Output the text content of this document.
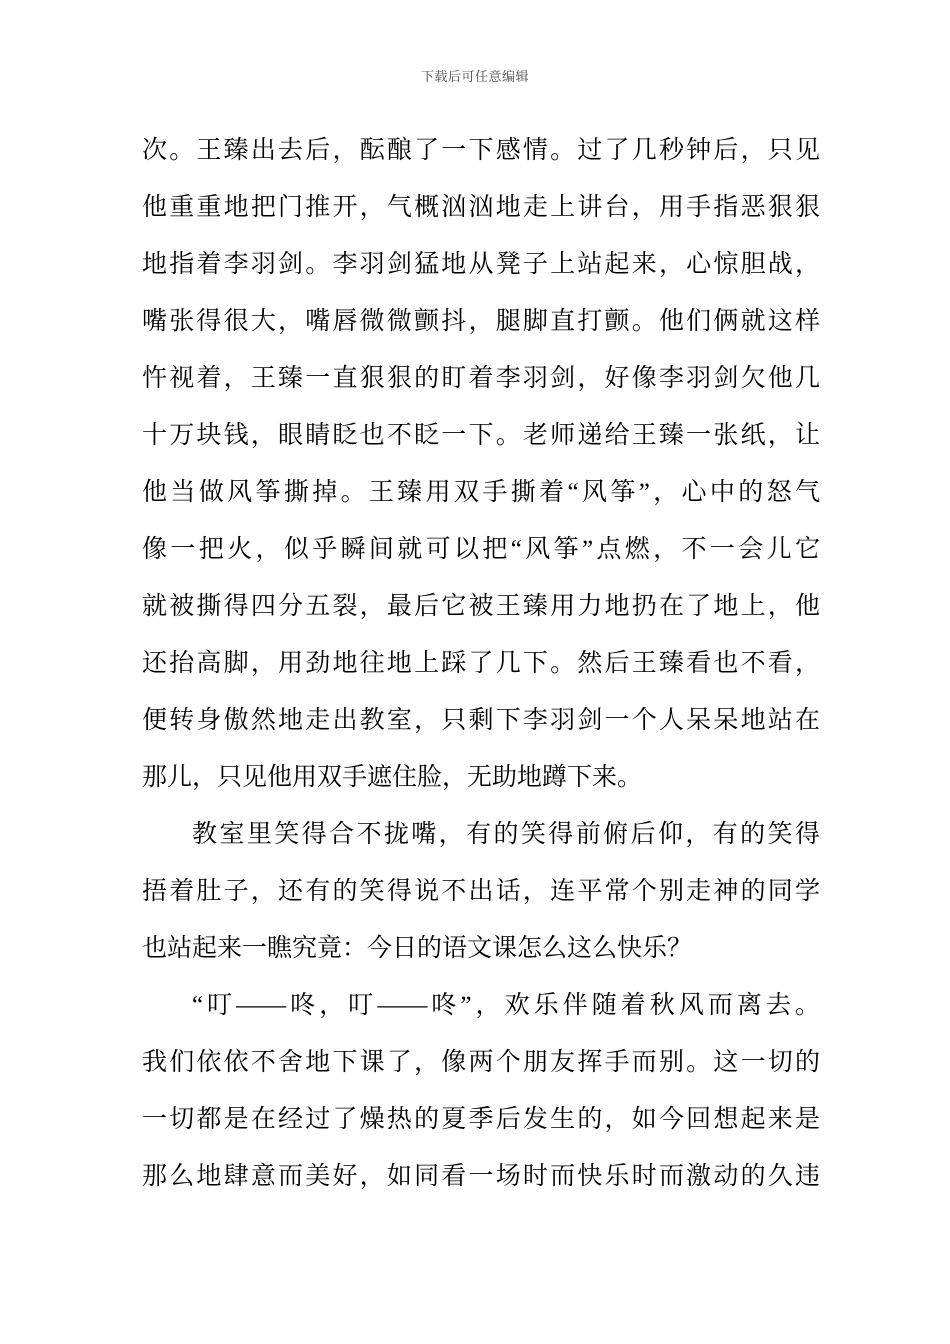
下载后可任意编辑
次。王臻出去后，酝酿了一下感情。过了几秒钟后，只见
他重重地把门推开，气概汹汹地走上讲台，用手指恶狠狠
地指着李羽剑。李羽剑猛地从凳子上站起来，心惊胆战，
嘴张得很大，嘴唇微微颤抖，腿脚直打颤。他们俩就这样
忤视着，王臻一直狠狠的盯着李羽剑，好像李羽剑欠他几
十万块钱，眼睛眨也不眨一下。老师递给王臻一张纸，让
他当做风筝撕掉。王臻用双手撕着“风筝”，心中的怒气
像一把火，似乎瞬间就可以把“风筝”点燃，不一会儿它
就被撕得四分五裂，最后它被王臻用力地扔在了地上，他
还抬高脚，用劲地往地上踩了几下。然后王臻看也不看，
便转身傲然地走出教室，只剩下李羽剑一个人呆呆地站在
那儿，只见他用双手遮住脸，无助地蹲下来。
教室里笑得合不拢嘴，有的笑得前俯后仰，有的笑得
捂着肚子，还有的笑得说不出话，连平常个别走神的同学
也站起来一瞧究竟：今日的语文课怎么这么快乐？
“叮——咚，叮——咚”，欢乐伴随着秋风而离去。
我们依依不舍地下课了，像两个朋友挥手而别。这一切的
一切都是在经过了燥热的夏季后发生的，如今回想起来是
那么地肆意而美好，如同看一场时而快乐时而激动的久违
